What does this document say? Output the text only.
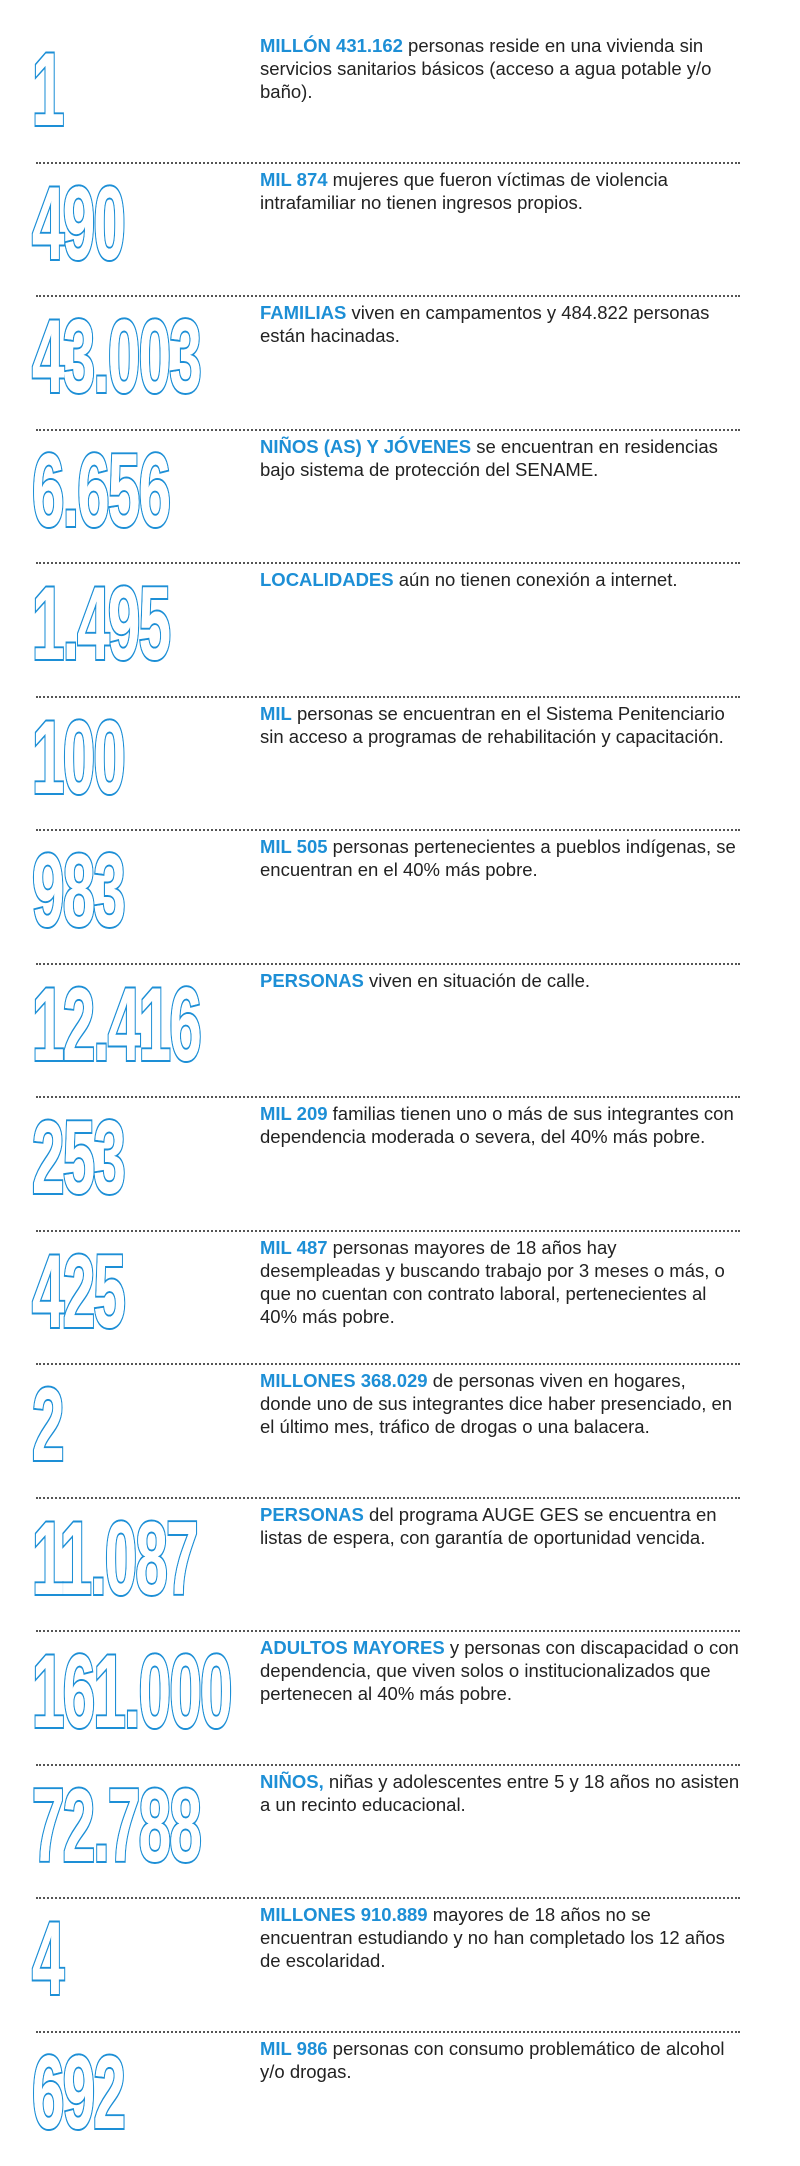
1	MILLÓN 431.162 personas reside en una vivienda sin servicios sanitarios básicos (acceso a agua potable y/o baño).
490	MIL 874 mujeres que fueron víctimas de violencia intrafamiliar no tienen ingresos propios.
43.003	FAMILIAS viven en campamentos y 484.822 personas están hacinadas.
6.656	NIÑOS (AS) Y JÓVENES se encuentran en residencias bajo sistema de protección del SENAME.
1.495	LOCALIDADES aún no tienen conexión a internet.
100	MIL personas se encuentran en el Sistema Penitenciario sin acceso a programas de rehabilitación y capacitación.
983	MIL 505 personas pertenecientes a pueblos indígenas, se encuentran en el 40% más pobre.
12.416	PERSONAS viven en situación de calle.
253	MIL 209 familias tienen uno o más de sus integrantes con dependencia moderada o severa, del 40% más pobre.
425	MIL 487 personas mayores de 18 años hay desempleadas y buscando trabajo por 3 meses o más, o que no cuentan con contrato laboral, pertenecientes al 40% más pobre.
2	MILLONES 368.029 de personas viven en hogares, donde uno de sus integrantes dice haber presenciado, en el último mes, tráfico de drogas o una balacera.
11.087	PERSONAS del programa AUGE GES se encuentra en listas de espera, con garantía de oportunidad vencida.
161.000 ADULTOS MAYORES y personas con discapacidad o con dependencia, que viven solos o institucionalizados que pertenecen al 40% más pobre.
72.788	NIÑOS, niñas y adolescentes entre 5 y 18 años no asisten a un recinto educacional.
4	MILLONES 910.889 mayores de 18 años no se encuentran estudiando y no han completado los 12 años de escolaridad.
692	MIL 986 personas con consumo problemático de alcohol y/o drogas.
